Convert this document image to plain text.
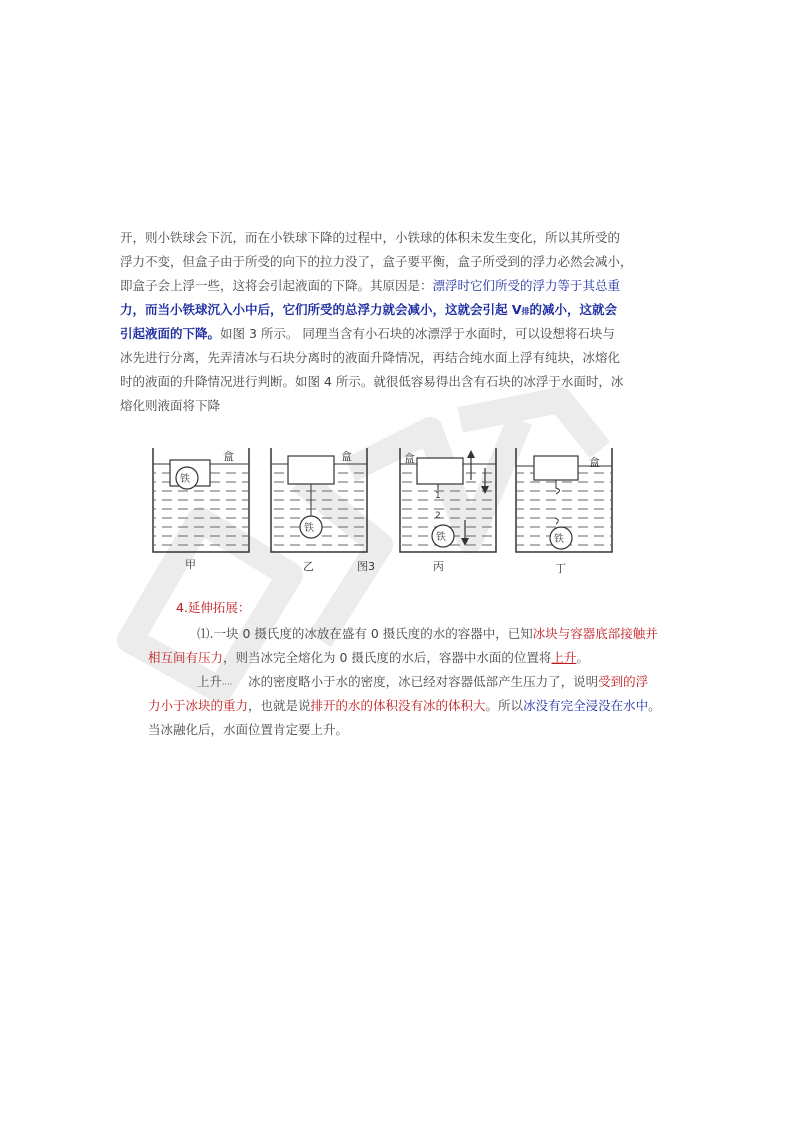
开，则小铁球会下沉，而在小铁球下降的过程中，小铁球的体积未发生变化，所以其所受的
浮力不变，但盒子由于所受的向下的拉力没了，盒子要平衡，盒子所受到的浮力必然会减小，
即盒子会上浮一些，这将会引起液面的下降。其原因是：漂浮时它们所受的浮力等于其总重
力，而当小铁球沉入小中后，它们所受的总浮力就会减小，这就会引起 V排的减小，这就会
引起液面的下降。如图 3 所示。 同理当含有小石块的冰漂浮于水面时，可以设想将石块与
冰先进行分离，先弄清冰与石块分离时的液面升降情况，再结合纯水面上浮有纯块，冰熔化
时的液面的升降情况进行判断。如图 4 所示。就很低容易得出含有石块的冰浮于水面时，冰
熔化则液面将下降
铁
盒
铁
盒
1
2
铁
盒
铁
盒
甲	乙	图3	丙	丁
4.延伸拓展：
⑴.一块 0 摄氏度的冰放在盛有 0 摄氏度的水的容器中，已知冰块与容器底部接触并
相互间有压力，则当冰完全熔化为 0 摄氏度的水后，容器中水面的位置将上升。
上升,,,, 冰的密度略小于水的密度，冰已经对容器低部产生压力了，说明受到的浮
力小于冰块的重力，也就是说排开的水的体积没有冰的体积大。所以冰没有完全浸没在水中。
当冰融化后，水面位置肯定要上升。
